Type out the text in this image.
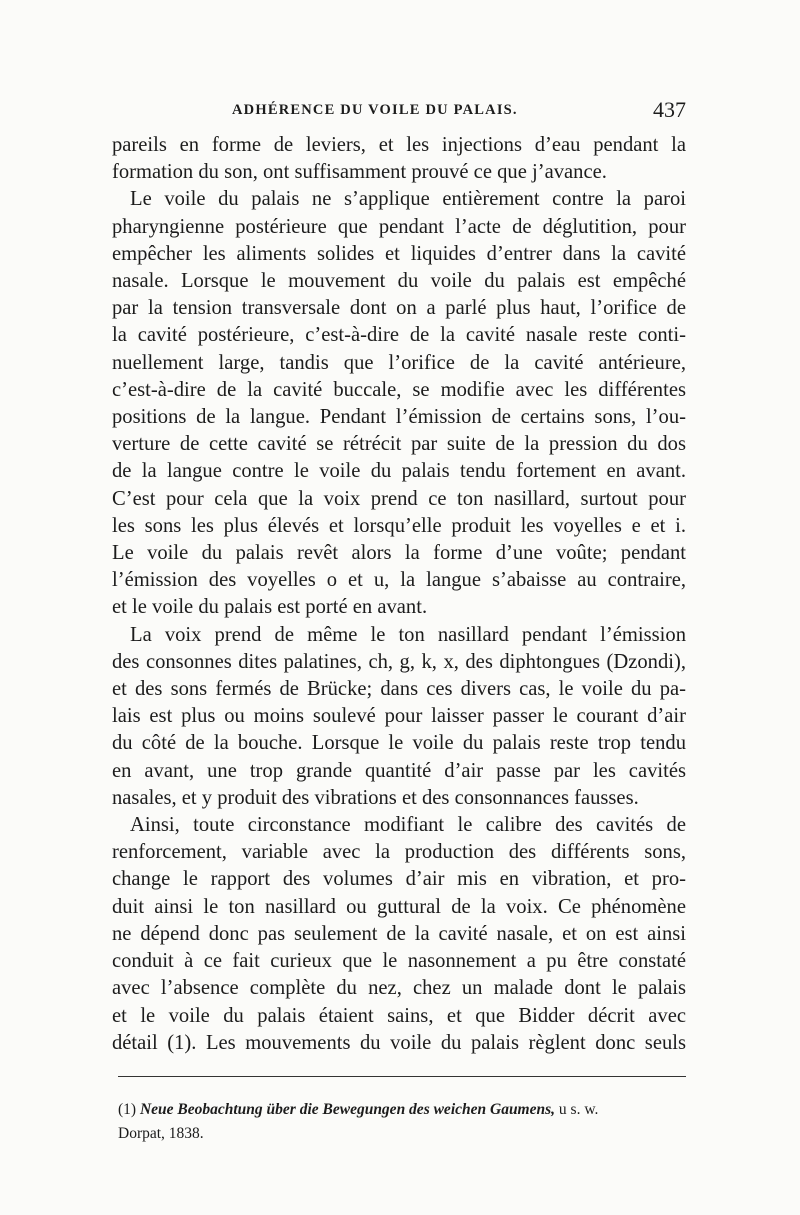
ADHÉRENCE DU VOILE DU PALAIS.	437

pareils en forme de leviers, et les injections d’eau pendant la
formation du son, ont suffisamment prouvé ce que j’avance.

Le voile du palais ne s’applique entièrement contre la paroi
pharyngienne postérieure que pendant l’acte de déglutition, pour
empêcher les aliments solides et liquides d’entrer dans la cavité
nasale. Lorsque le mouvement du voile du palais est empêché
par la tension transversale dont on a parlé plus haut, l’orifice de
la cavité postérieure, c’est-à-dire de la cavité nasale reste conti-
nuellement large, tandis que l’orifice de la cavité antérieure,
c’est-à-dire de la cavité buccale, se modifie avec les différentes
positions de la langue. Pendant l’émission de certains sons, l’ou-
verture de cette cavité se rétrécit par suite de la pression du dos
de la langue contre le voile du palais tendu fortement en avant.
C’est pour cela que la voix prend ce ton nasillard, surtout pour
les sons les plus élevés et lorsqu’elle produit les voyelles e et i.
Le voile du palais revêt alors la forme d’une voûte; pendant
l’émission des voyelles o et u, la langue s’abaisse au contraire,
et le voile du palais est porté en avant.

La voix prend de même le ton nasillard pendant l’émission
des consonnes dites palatines, ch, g, k, x, des diphtongues (Dzondi),
et des sons fermés de Brücke; dans ces divers cas, le voile du pa-
lais est plus ou moins soulevé pour laisser passer le courant d’air
du côté de la bouche. Lorsque le voile du palais reste trop tendu
en avant, une trop grande quantité d’air passe par les cavités
nasales, et y produit des vibrations et des consonnances fausses.

Ainsi, toute circonstance modifiant le calibre des cavités de
renforcement, variable avec la production des différents sons,
change le rapport des volumes d’air mis en vibration, et pro-
duit ainsi le ton nasillard ou guttural de la voix. Ce phénomène
ne dépend donc pas seulement de la cavité nasale, et on est ainsi
conduit à ce fait curieux que le nasonnement a pu être constaté
avec l’absence complète du nez, chez un malade dont le palais
et le voile du palais étaient sains, et que Bidder décrit avec
détail (1). Les mouvements du voile du palais règlent donc seuls

(1) Neue Beobachtung über die Bewegungen des weichen Gaumens, u s. w.
Dorpat, 1838.
